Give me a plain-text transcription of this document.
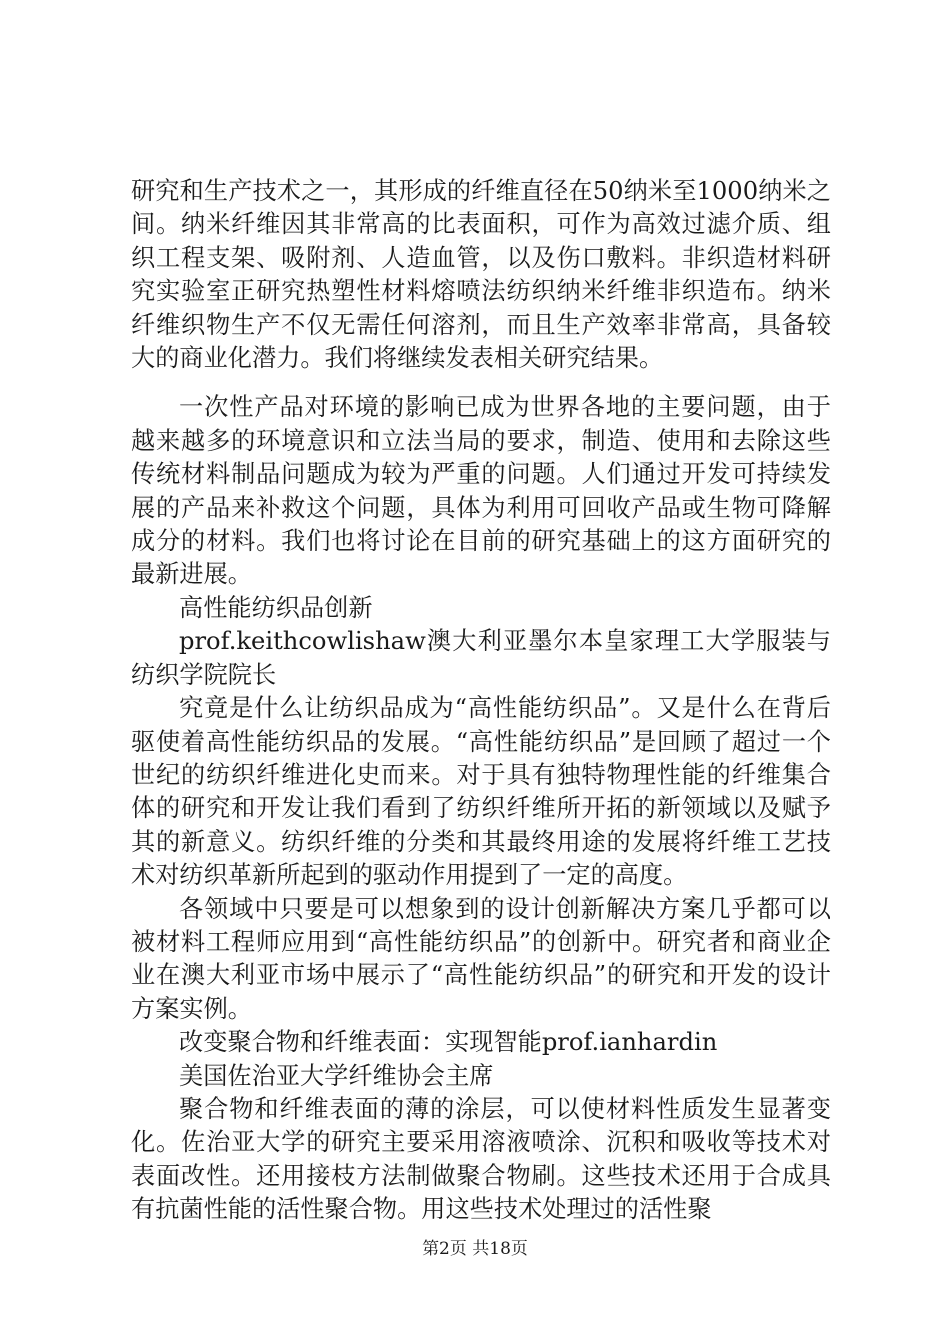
研究和生产技术之一，其形成的纤维直径在50纳米至1000纳米之间。纳米纤维因其非常高的比表面积，可作为高效过滤介质、组织工程支架、吸附剂、人造血管，以及伤口敷料。非织造材料研究实验室正研究热塑性材料熔喷法纺织纳米纤维非织造布。纳米纤维织物生产不仅无需任何溶剂，而且生产效率非常高，具备较大的商业化潜力。我们将继续发表相关研究结果。

一次性产品对环境的影响已成为世界各地的主要问题，由于越来越多的环境意识和立法当局的要求，制造、使用和去除这些传统材料制品问题成为较为严重的问题。人们通过开发可持续发展的产品来补救这个问题，具体为利用可回收产品或生物可降解成分的材料。我们也将讨论在目前的研究基础上的这方面研究的最新进展。

高性能纺织品创新

prof.keithcowlishaw澳大利亚墨尔本皇家理工大学服装与纺织学院院长

究竟是什么让纺织品成为“高性能纺织品”。又是什么在背后驱使着高性能纺织品的发展。“高性能纺织品”是回顾了超过一个世纪的纺织纤维进化史而来。对于具有独特物理性能的纤维集合体的研究和开发让我们看到了纺织纤维所开拓的新领域以及赋予其的新意义。纺织纤维的分类和其最终用途的发展将纤维工艺技术对纺织革新所起到的驱动作用提到了一定的高度。

各领域中只要是可以想象到的设计创新解决方案几乎都可以被材料工程师应用到“高性能纺织品”的创新中。研究者和商业企业在澳大利亚市场中展示了“高性能纺织品”的研究和开发的设计方案实例。

改变聚合物和纤维表面：实现智能prof.ianhardin

美国佐治亚大学纤维协会主席

聚合物和纤维表面的薄的涂层，可以使材料性质发生显著变化。佐治亚大学的研究主要采用溶液喷涂、沉积和吸收等技术对表面改性。还用接枝方法制做聚合物刷。这些技术还用于合成具有抗菌性能的活性聚合物。用这些技术处理过的活性聚

第2页 共18页
